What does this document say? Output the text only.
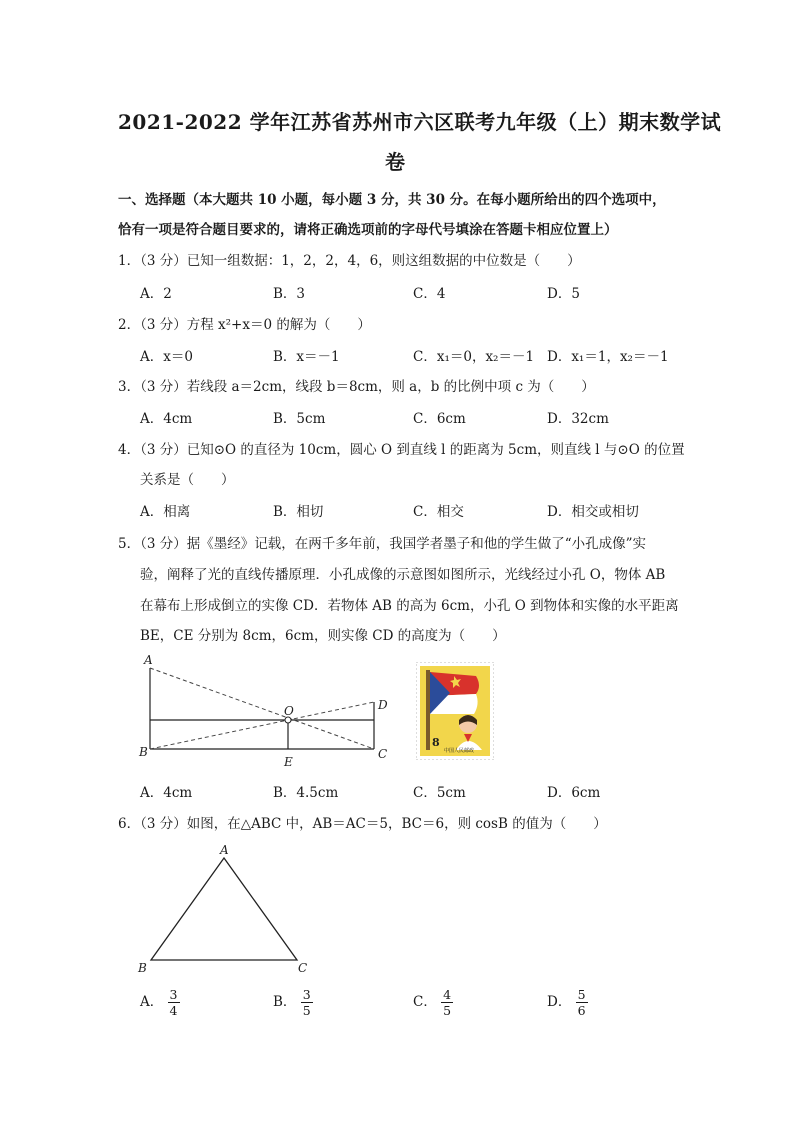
2021-2022 学年江苏省苏州市六区联考九年级（上）期末数学试
卷
一、选择题（本大题共 10 小题，每小题 3 分，共 30 分。在每小题所给出的四个选项中，
恰有一项是符合题目要求的，请将正确选项前的字母代号填涂在答题卡相应位置上）
1．（3 分）已知一组数据：1，2，2，4，6，则这组数据的中位数是（　　）
A．2	B．3	C．4	D．5
2．（3 分）方程 x²+x＝0 的解为（　　）
A．x＝0	B．x＝－1	C．x₁＝0，x₂＝－1 D．x₁＝1，x₂＝－1
3．（3 分）若线段 a＝2cm，线段 b＝8cm，则 a，b 的比例中项 c 为（　　）
A．4cm	B．5cm	C．6cm	D．32cm
4．（3 分）已知⊙O 的直径为 10cm，圆心 O 到直线 l 的距离为 5cm，则直线 l 与⊙O 的位置
关系是（　　）
A．相离	B．相切	C．相交	D．相交或相切
5．（3 分）据《墨经》记载，在两千多年前，我国学者墨子和他的学生做了“小孔成像”实
验，阐释了光的直线传播原理．小孔成像的示意图如图所示，光线经过小孔 O，物体 AB
在幕布上形成倒立的实像 CD．若物体 AB 的高为 6cm，小孔 O 到物体和实像的水平距离
BE，CE 分别为 8cm，6cm，则实像 CD 的高度为（　　）
A
B
O	D
C
E
8
中国人民邮政
A．4cm	B．4.5cm	C．5cm	D．6cm
6．（3 分）如图，在△ABC 中，AB＝AC＝5，BC＝6，则 cosB 的值为（　　）
A
B	C
A． $\frac{3}{4}$	B． $\frac{3}{5}$	C． $\frac{4}{5}$	D． $\frac{5}{6}$
